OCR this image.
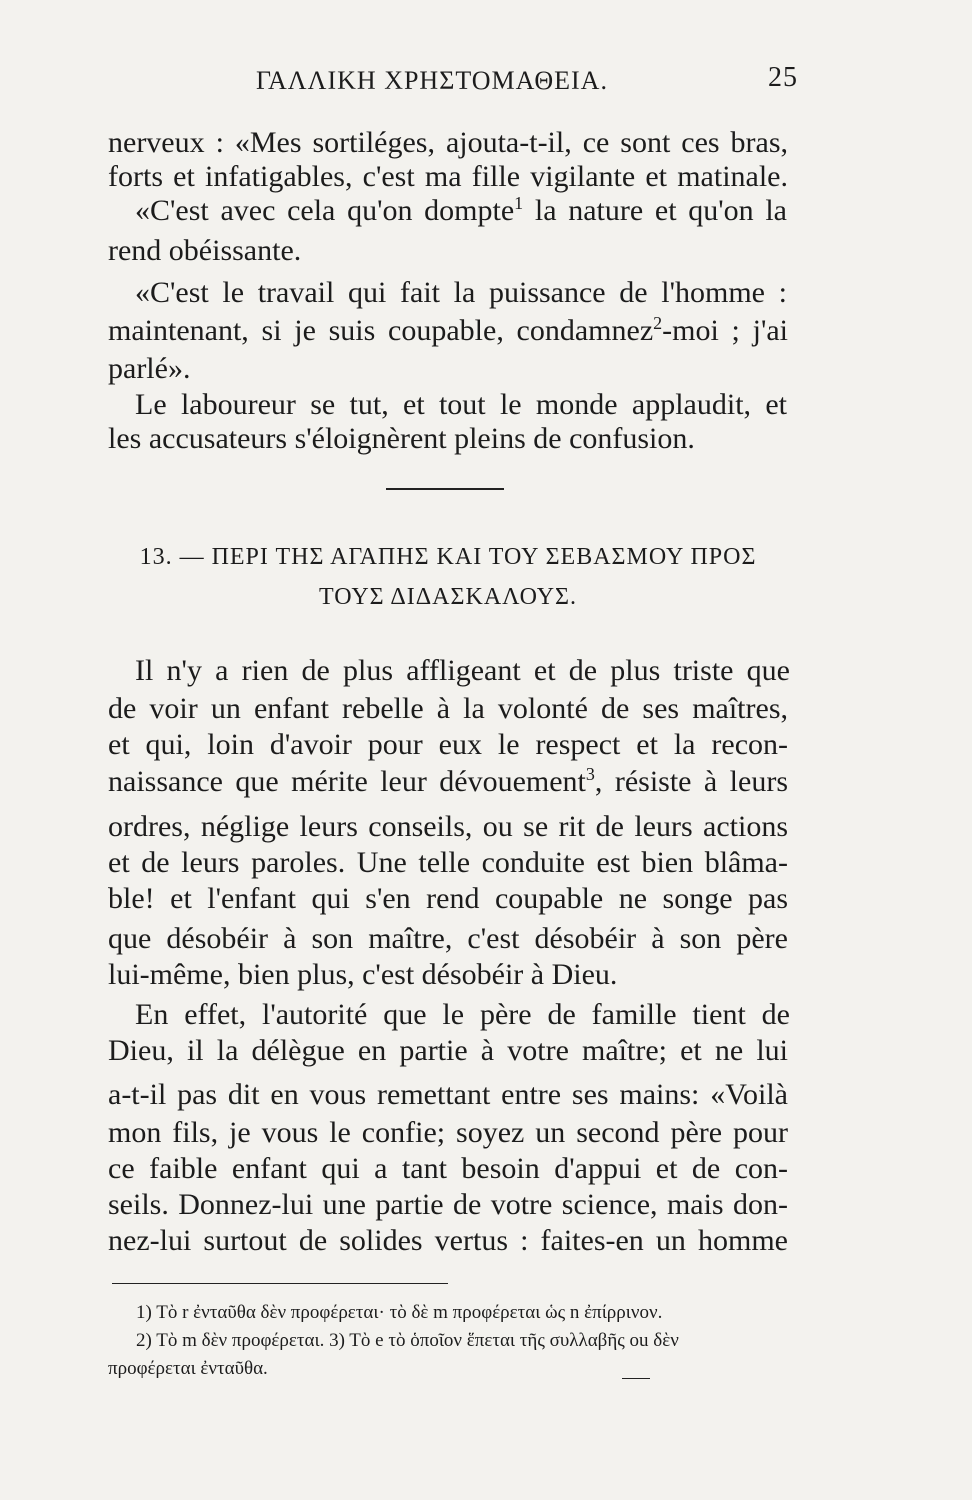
ΓΑΛΛΙΚΗ ΧΡΗΣΤΟΜΑΘΕΙΑ.	25
nerveux : «Mes sortiléges, ajouta-t-il, ce sont ces bras,
forts et infatigables, c'est ma fille vigilante et matinale.
«C'est avec cela qu'on dompte$^1$ la nature et qu'on la
rend obéissante.
«C'est le travail qui fait la puissance de l'homme :
maintenant, si je suis coupable, condamnez$^2$-moi ; j'ai
parlé».
Le laboureur se tut, et tout le monde applaudit, et
les accusateurs s'éloignèrent pleins de confusion.
13. — ΠΕΡΙ ΤΗΣ ΑΓΑΠΗΣ ΚΑΙ ΤΟΥ ΣΕΒΑΣΜΟΥ ΠΡΟΣ
ΤΟΥΣ ΔΙΔΑΣΚΑΛΟΥΣ.
Il n'y a rien de plus affligeant et de plus triste que
de voir un enfant rebelle à la volonté de ses maîtres,
et qui, loin d'avoir pour eux le respect et la recon-
naissance que mérite leur dévouement$^3$, résiste à leurs
ordres, néglige leurs conseils, ou se rit de leurs actions
et de leurs paroles. Une telle conduite est bien blâma-
ble! et l'enfant qui s'en rend coupable ne songe pas
que désobéir à son maître, c'est désobéir à son père
lui-même, bien plus, c'est désobéir à Dieu.
En effet, l'autorité que le père de famille tient de
Dieu, il la délègue en partie à votre maître; et ne lui
a-t-il pas dit en vous remettant entre ses mains: «Voilà
mon fils, je vous le confie; soyez un second père pour
ce faible enfant qui a tant besoin d'appui et de con-
seils. Donnez-lui une partie de votre science, mais don-
nez-lui surtout de solides vertus : faites-en un homme
1) Τὸ r ἐνταῦθα δὲν προφέρεται· τὸ δὲ m προφέρεται ὡς n ἐπίρρινον.
2) Τὸ m δὲν προφέρεται. 3) Τὸ e τὸ ὁποῖον ἕπεται τῆς συλλαβῆς ou δὲν
προφέρεται ἐνταῦθα.
